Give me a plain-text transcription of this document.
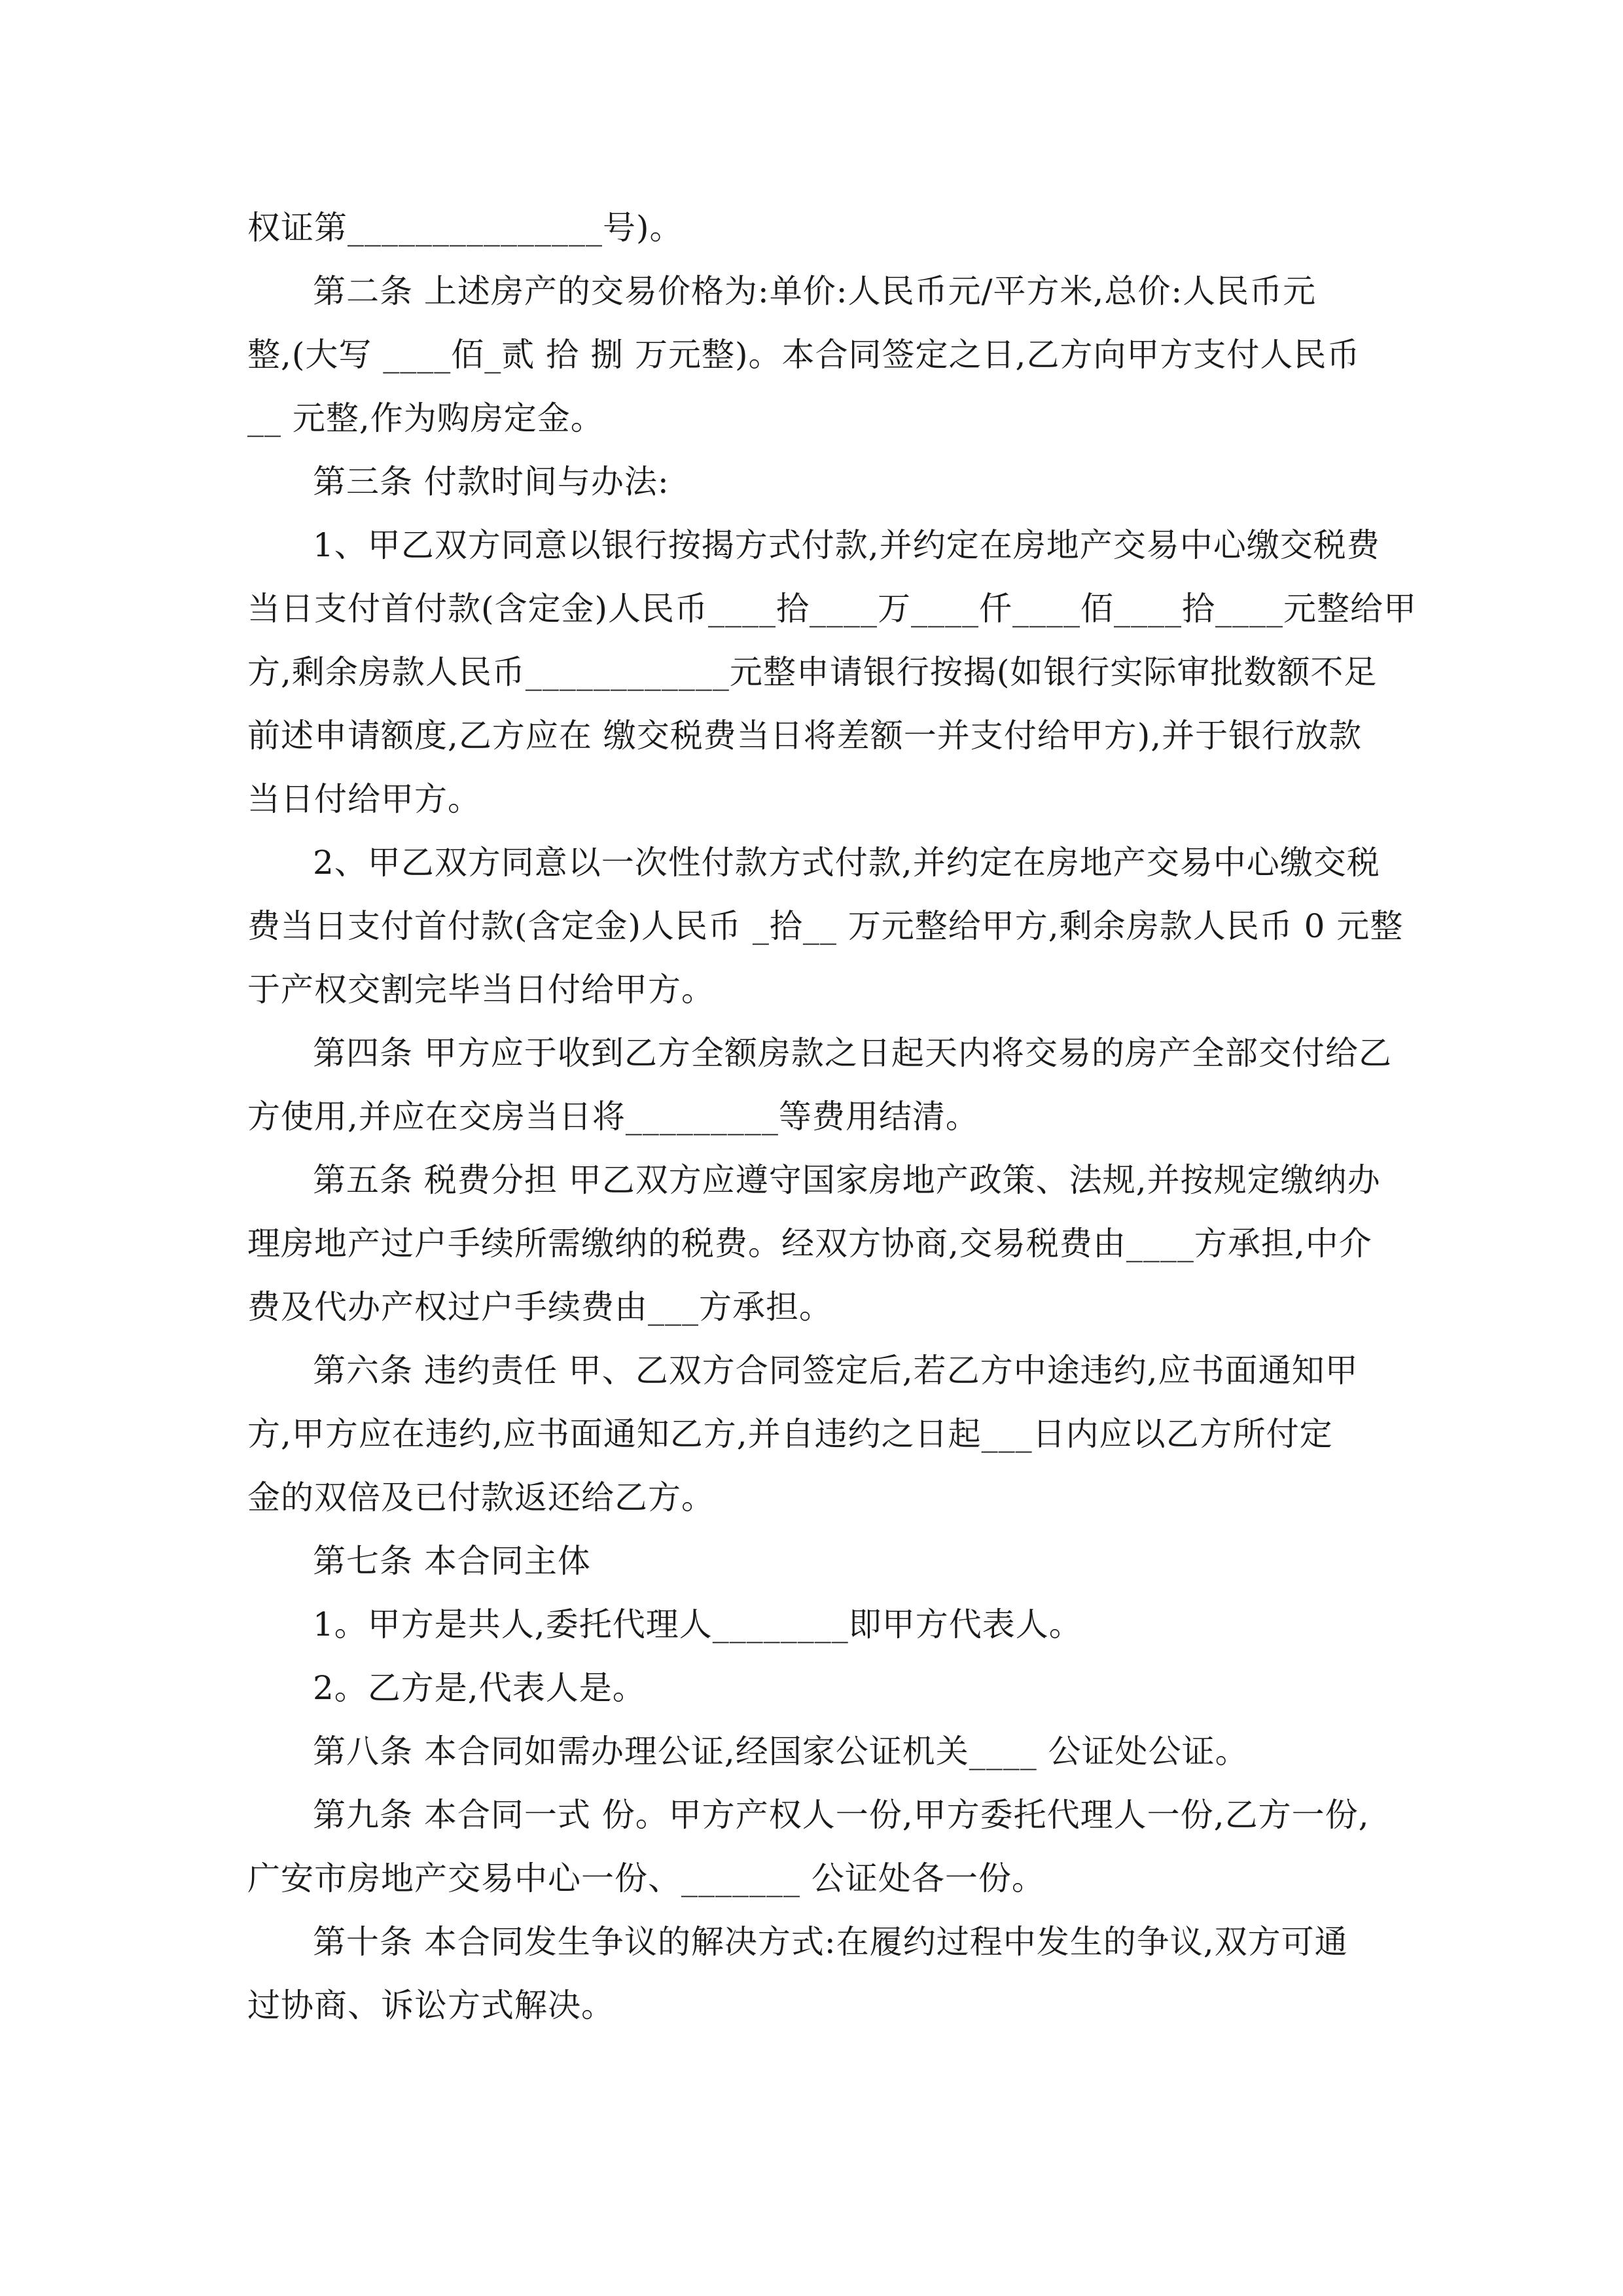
权证第_______________号)。
第二条 上述房产的交易价格为:单价:人民币元/平方米,总价:人民币元
整,(大写 ____佰_贰 拾 捌 万元整)。本合同签定之日,乙方向甲方支付人民币
__ 元整,作为购房定金。
第三条 付款时间与办法:
1、甲乙双方同意以银行按揭方式付款,并约定在房地产交易中心缴交税费
当日支付首付款(含定金)人民币____拾____万____仟____佰____拾____元整给甲
方,剩余房款人民币____________元整申请银行按揭(如银行实际审批数额不足
前述申请额度,乙方应在 缴交税费当日将差额一并支付给甲方),并于银行放款
当日付给甲方。
2、甲乙双方同意以一次性付款方式付款,并约定在房地产交易中心缴交税
费当日支付首付款(含定金)人民币 _拾__ 万元整给甲方,剩余房款人民币 0 元整
于产权交割完毕当日付给甲方。
第四条 甲方应于收到乙方全额房款之日起天内将交易的房产全部交付给乙
方使用,并应在交房当日将_________等费用结清。
第五条 税费分担 甲乙双方应遵守国家房地产政策、法规,并按规定缴纳办
理房地产过户手续所需缴纳的税费。经双方协商,交易税费由____方承担,中介
费及代办产权过户手续费由___方承担。
第六条 违约责任 甲、乙双方合同签定后,若乙方中途违约,应书面通知甲
方,甲方应在违约,应书面通知乙方,并自违约之日起___日内应以乙方所付定
金的双倍及已付款返还给乙方。
第七条 本合同主体
1。甲方是共人,委托代理人________即甲方代表人。
2。乙方是,代表人是。
第八条 本合同如需办理公证,经国家公证机关____ 公证处公证。
第九条 本合同一式 份。甲方产权人一份,甲方委托代理人一份,乙方一份,
广安市房地产交易中心一份、_______ 公证处各一份。
第十条 本合同发生争议的解决方式:在履约过程中发生的争议,双方可通
过协商、诉讼方式解决。
